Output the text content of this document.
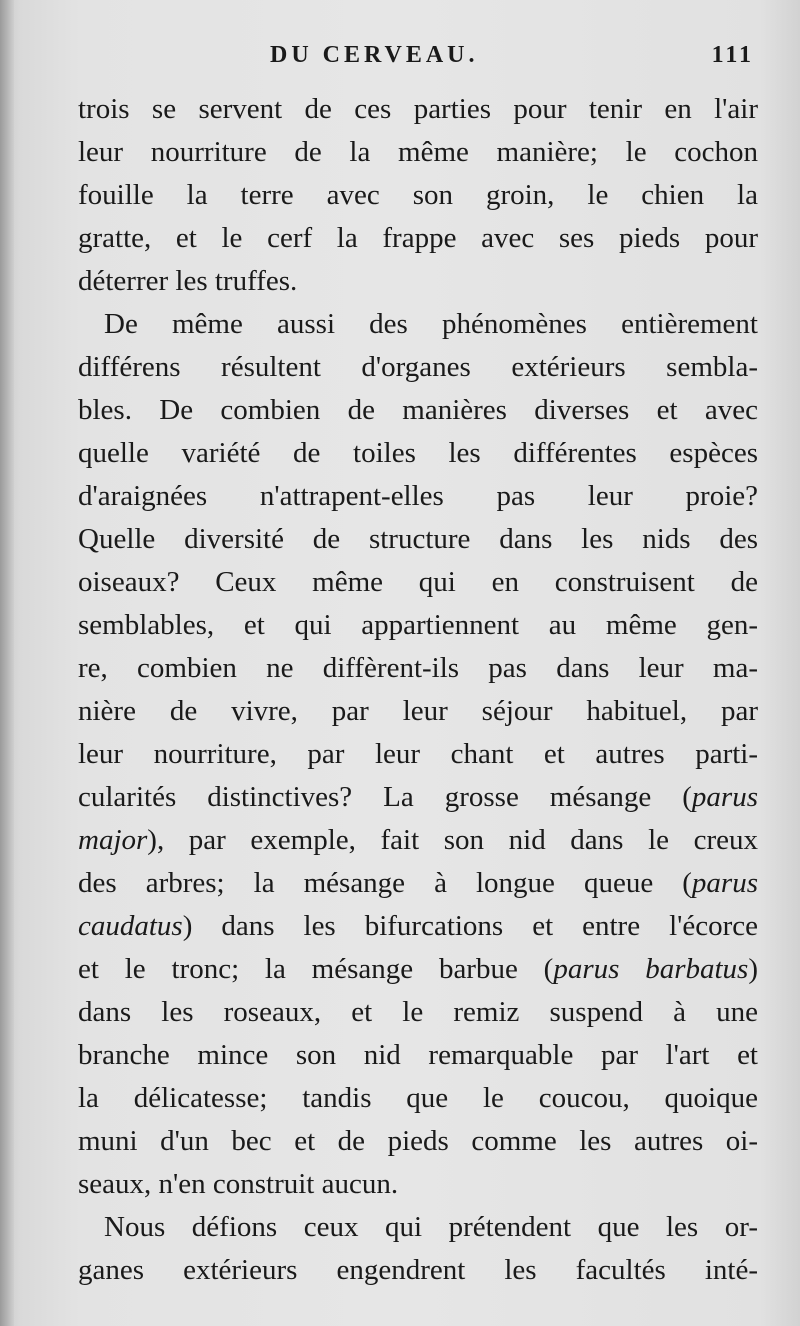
DU CERVEAU.	111

trois se servent de ces parties pour tenir en l'air
leur nourriture de la même manière; le cochon
fouille la terre avec son groin, le chien la
gratte, et le cerf la frappe avec ses pieds pour
déterrer les truffes.

De même aussi des phénomènes entièrement
différens résultent d'organes extérieurs sembla-
bles. De combien de manières diverses et avec
quelle variété de toiles les différentes espèces
d'araignées n'attrapent-elles pas leur proie?
Quelle diversité de structure dans les nids des
oiseaux? Ceux même qui en construisent de
semblables, et qui appartiennent au même gen-
re, combien ne diffèrent-ils pas dans leur ma-
nière de vivre, par leur séjour habituel, par
leur nourriture, par leur chant et autres parti-
cularités distinctives? La grosse mésange (parus
major), par exemple, fait son nid dans le creux
des arbres; la mésange à longue queue (parus
caudatus) dans les bifurcations et entre l'écorce
et le tronc; la mésange barbue (parus barbatus)
dans les roseaux, et le remiz suspend à une
branche mince son nid remarquable par l'art et
la délicatesse; tandis que le coucou, quoique
muni d'un bec et de pieds comme les autres oi-
seaux, n'en construit aucun.

Nous défions ceux qui prétendent que les or-
ganes extérieurs engendrent les facultés inté-
